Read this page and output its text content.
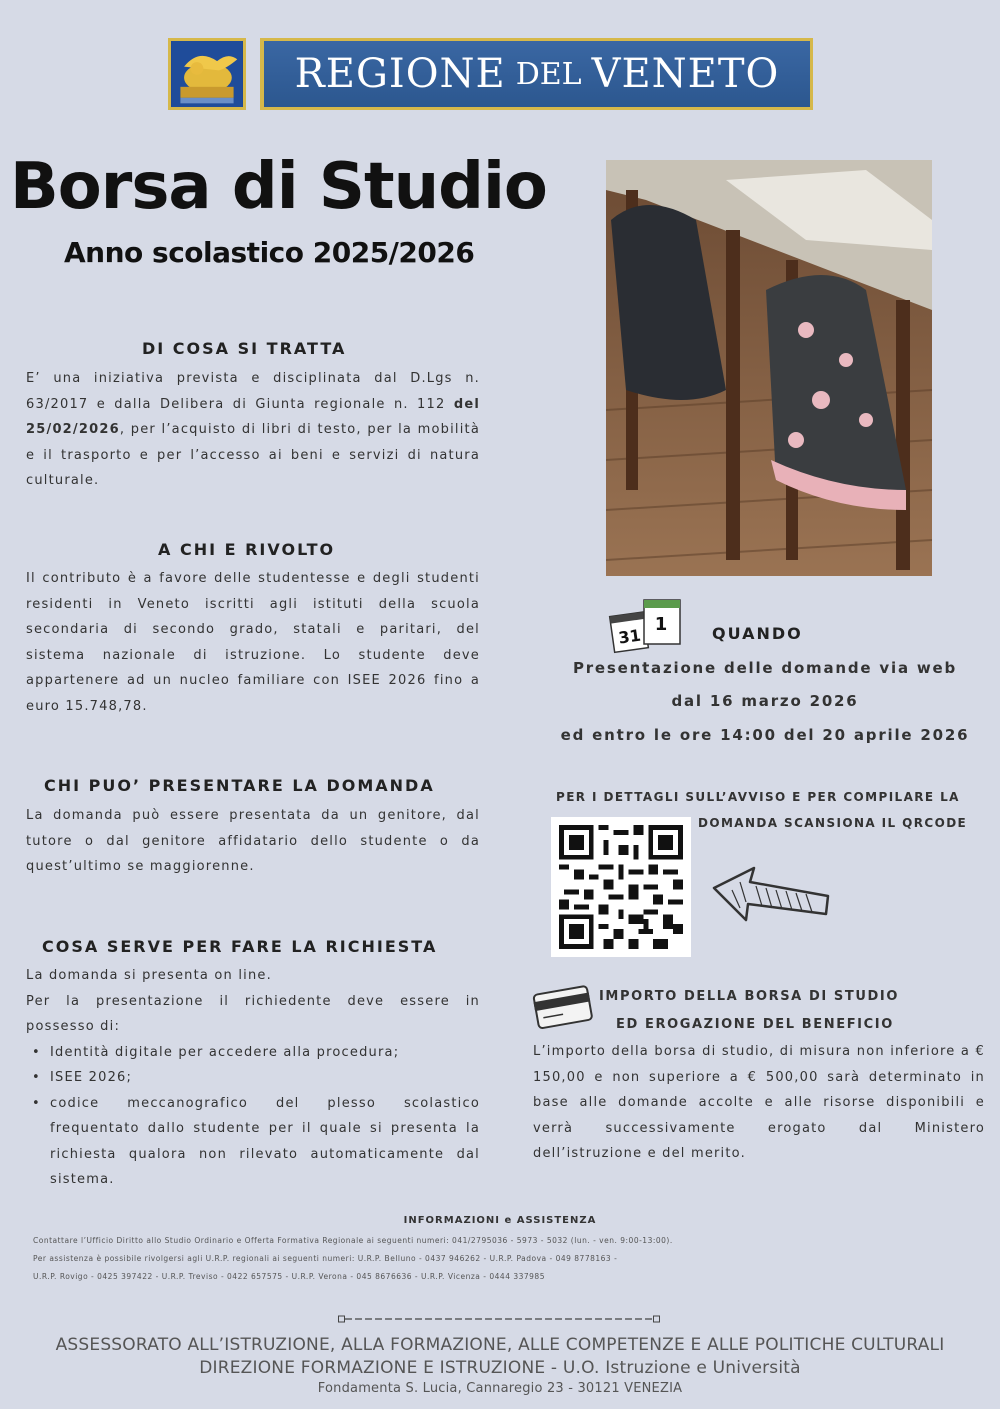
REGIONE DEL VENETO
Borsa di Studio
Anno scolastico 2025/2026
DI COSA SI TRATTA
E’ una iniziativa prevista e disciplinata dal D.Lgs n. 63/2017 e dalla Delibera di Giunta regionale n. 112 del 25/02/2026, per l’acquisto di libri di testo, per la mobilità e il trasporto e per l’accesso ai beni e servizi di natura culturale.
A CHI E RIVOLTO
Il contributo è a favore delle studentesse e degli studenti residenti in Veneto iscritti agli istituti della scuola secondaria di secondo grado, statali e paritari, del sistema nazionale di istruzione. Lo studente deve appartenere ad un nucleo familiare con ISEE 2026 fino a euro 15.748,78.
CHI PUO’ PRESENTARE LA DOMANDA
La domanda può essere presentata da un genitore, dal tutore o dal genitore affidatario dello studente o da quest’ultimo se maggiorenne.
COSA SERVE PER FARE LA RICHIESTA
La domanda si presenta on line.
Per la presentazione il richiedente deve essere in possesso di:
• Identità digitale per accedere alla procedura;
• ISEE 2026;
• codice meccanografico del plesso scolastico frequentato dallo studente per il quale si presenta la richiesta qualora non rilevato automaticamente dal sistema.
31
1	QUANDO
Presentazione delle domande via web
dal 16 marzo 2026
ed entro le ore 14:00 del 20 aprile 2026
PER I DETTAGLI SULL’AVVISO E PER COMPILARE LA
DOMANDA SCANSIONA IL QRCODE
IMPORTO DELLA BORSA DI STUDIO
ED EROGAZIONE DEL BENEFICIO
L’importo della borsa di studio, di misura non inferiore a € 150,00 e non superiore a € 500,00 sarà determinato in base alle domande accolte e alle risorse disponibili e verrà successivamente erogato dal Ministero dell’istruzione e del merito.
INFORMAZIONI e ASSISTENZA
Contattare l’Ufficio Diritto allo Studio Ordinario e Offerta Formativa Regionale ai seguenti numeri: 041/2795036 - 5973 - 5032 (lun. - ven. 9:00-13:00).
Per assistenza è possibile rivolgersi agli U.R.P. regionali ai seguenti numeri: U.R.P. Belluno - 0437 946262 - U.R.P. Padova - 049 8778163 -
U.R.P. Rovigo - 0425 397422 - U.R.P. Treviso - 0422 657575 - U.R.P. Verona - 045 8676636 - U.R.P. Vicenza - 0444 337985
ASSESSORATO ALL’ISTRUZIONE, ALLA FORMAZIONE, ALLE COMPETENZE E ALLE POLITICHE CULTURALI
DIREZIONE FORMAZIONE E ISTRUZIONE - U.O. Istruzione e Università
Fondamenta S. Lucia, Cannaregio 23 - 30121 VENEZIA
